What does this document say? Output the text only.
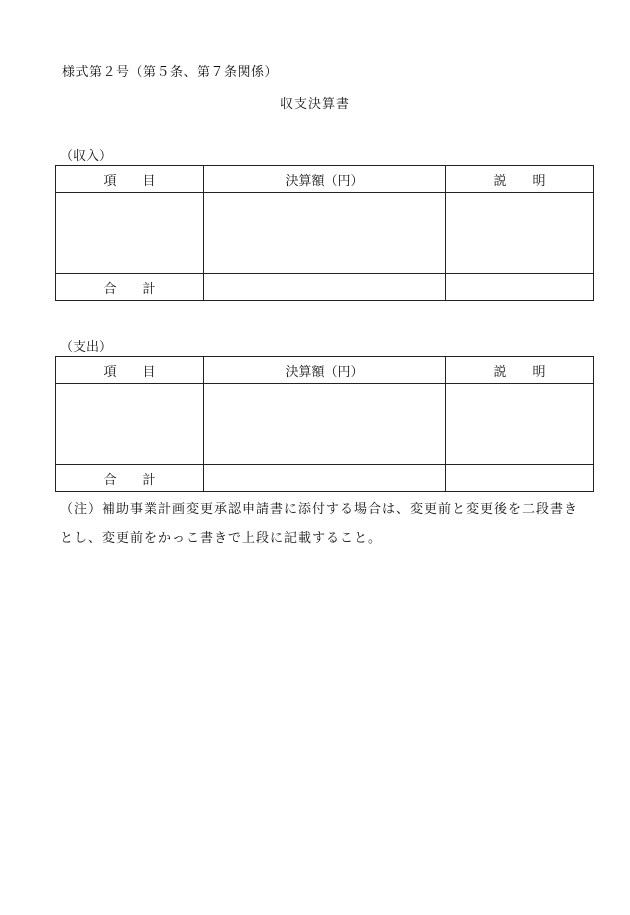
様式第２号（第５条、第７条関係）
収支決算書
（収入）
項　　目	決算額（円）	説　　明

合　　計		
（支出）
項　　目	決算額（円）	説　　明

合　　計		
（注）補助事業計画変更承認申請書に添付する場合は、変更前と変更後を二段書き
とし、変更前をかっこ書きで上段に記載すること。
